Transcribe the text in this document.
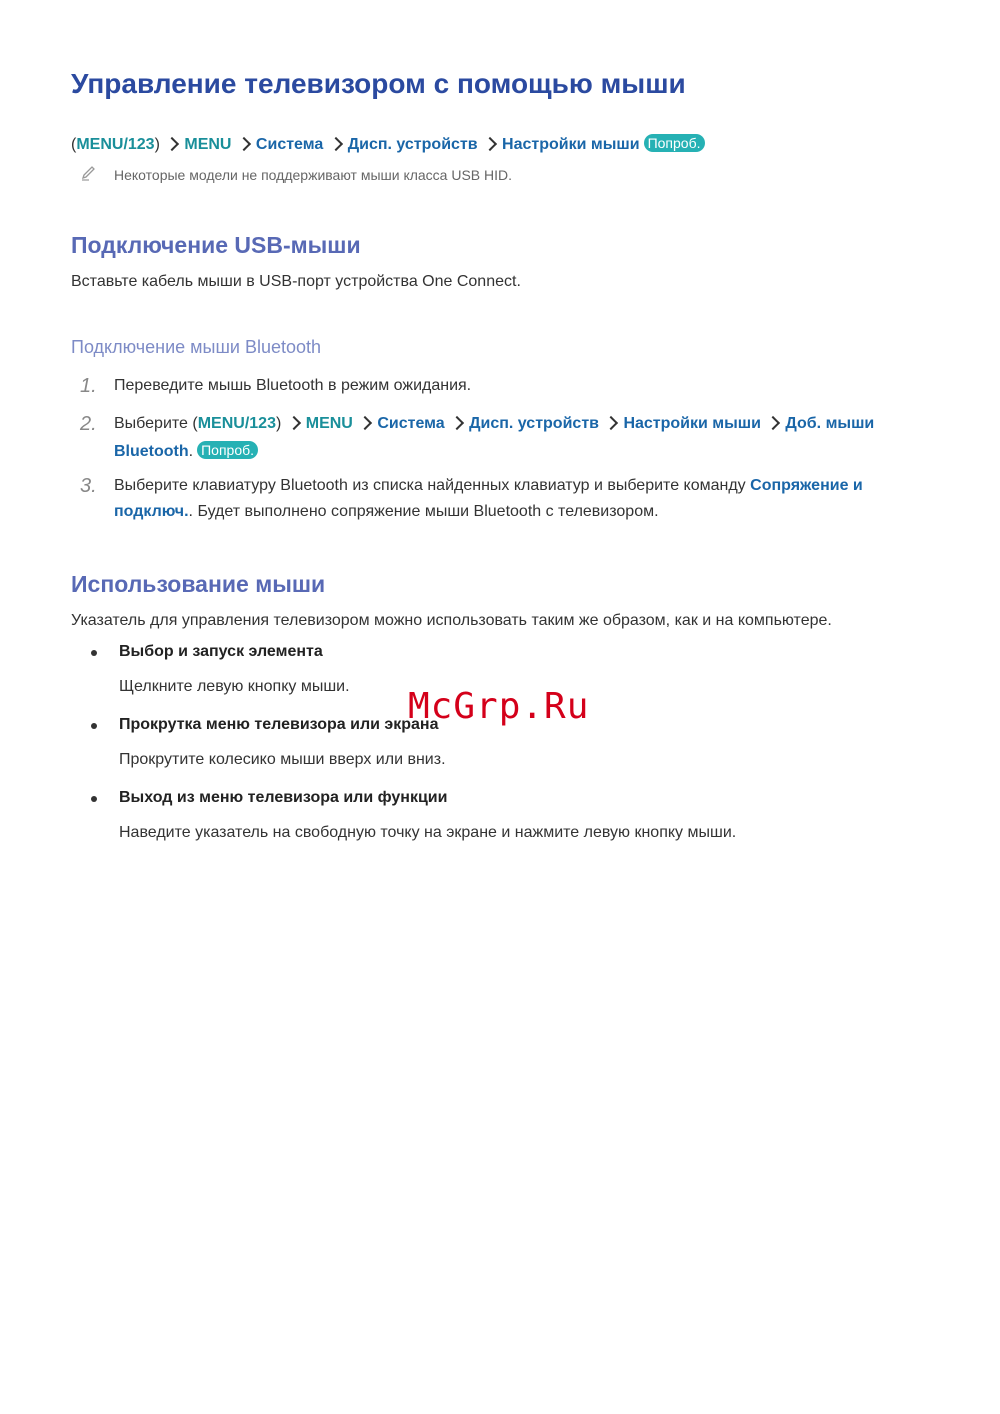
Управление телевизором с помощью мыши
(MENU/123) MENU Система Дисп. устройств Настройки мыши Попроб.
Некоторые модели не поддерживают мыши класса USB HID.
Подключение USB-мыши
Вставьте кабель мыши в USB-порт устройства One Connect.
Подключение мыши Bluetooth
1. Переведите мышь Bluetooth в режим ожидания.
2. Выберите (MENU/123) MENU Система Дисп. устройств Настройки мыши Доб. мыши
Bluetooth. Попроб.
3. Выберите клавиатуру Bluetooth из списка найденных клавиатур и выберите команду Сопряжение и
подключ.. Будет выполнено сопряжение мыши Bluetooth с телевизором.
Использование мыши
Указатель для управления телевизором можно использовать таким же образом, как и на компьютере.
Выбор и запуск элемента
Щелкните левую кнопку мыши.
Прокрутка меню телевизора или экрана
Прокрутите колесико мыши вверх или вниз.
Выход из меню телевизора или функции
Наведите указатель на свободную точку на экране и нажмите левую кнопку мыши.
McGrp.Ru
